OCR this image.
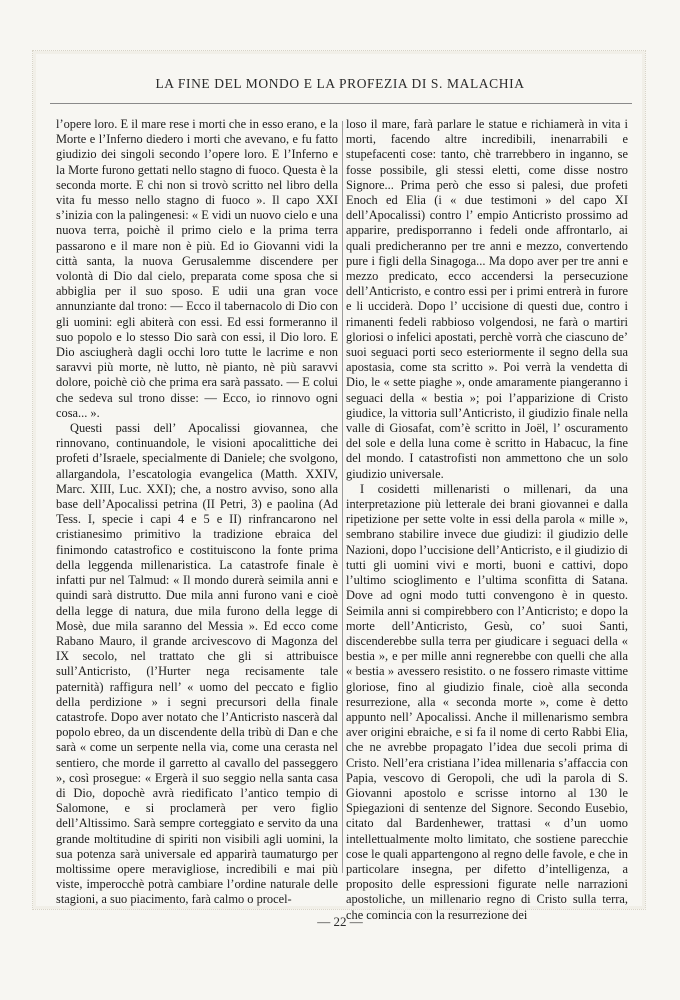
LA FINE DEL MONDO E LA PROFEZIA DI S. MALACHIA

l’opere loro. E il mare rese i morti che in esso erano, e la Morte e l’Inferno diedero i morti che avevano, e fu fatto giudizio dei singoli secondo l’opere loro. E l’Inferno e la Morte furono gettati nello stagno di fuoco. Questa è la seconda morte. E chi non si trovò scritto nel libro della vita fu messo nello stagno di fuoco ». Il capo XXI s’inizia con la palingenesi: « E vidi un nuovo cielo e una nuova terra, poichè il primo cielo e la prima terra passarono e il mare non è più. Ed io Giovanni vidi la città santa, la nuova Gerusalemme discendere per volontà di Dio dal cielo, preparata come sposa che si abbiglia per il suo sposo. E udii una gran voce annunziante dal trono: — Ecco il tabernacolo di Dio con gli uomini: egli abiterà con essi. Ed essi formeranno il suo popolo e lo stesso Dio sarà con essi, il Dio loro. E Dio asciugherà dagli occhi loro tutte le lacrime e non saravvi più morte, nè lutto, nè pianto, nè più saravvi dolore, poichè ciò che prima era sarà passato. — E colui che sedeva sul trono disse: — Ecco, io rinnovo ogni cosa... ».

Questi passi dell’ Apocalissi giovannea, che rinnovano, continuandole, le visioni apocalittiche dei profeti d’Israele, specialmente di Daniele; che svolgono, allargandola, l’escatologia evangelica (Matth. XXIV, Marc. XIII, Luc. XXI); che, a nostro avviso, sono alla base dell’Apocalissi petrina (II Petri, 3) e paolina (Ad Tess. I, specie i capi 4 e 5 e II) rinfrancarono nel cristianesimo primitivo la tradizione ebraica del finimondo catastrofico e costituiscono la fonte prima della leggenda millenaristica. La catastrofe finale è infatti pur nel Talmud: « Il mondo durerà seimila anni e quindi sarà distrutto. Due mila anni furono vani e cioè della legge di natura, due mila furono della legge di Mosè, due mila saranno del Messia ». Ed ecco come Rabano Mauro, il grande arcivescovo di Magonza del IX secolo, nel trattato che gli si attribuisce sull’Anticristo, (l’Hurter nega recisamente tale paternità) raffigura nell’ « uomo del peccato e figlio della perdizione » i segni precursori della finale catastrofe. Dopo aver notato che l’Anticristo nascerà dal popolo ebreo, da un discendente della tribù di Dan e che sarà « come un serpente nella via, come una cerasta nel sentiero, che morde il garretto al cavallo del passeggero », così prosegue: « Ergerà il suo seggio nella santa casa di Dio, dopochè avrà riedificato l’antico tempio di Salomone, e si proclamerà per vero figlio dell’Altissimo. Sarà sempre corteggiato e servito da una grande moltitudine di spiriti non visibili agli uomini, la sua potenza sarà universale ed apparirà taumaturgo per moltissime opere meravigliose, incredibili e mai più viste, imperocchè potrà cambiare l’ordine naturale delle stagioni, a suo piacimento, farà calmo o procel-

loso il mare, farà parlare le statue e richiamerà in vita i morti, facendo altre incredibili, inenarrabili e stupefacenti cose: tanto, chè trarrebbero in inganno, se fosse possibile, gli stessi eletti, come disse nostro Signore... Prima però che esso si palesi, due profeti Enoch ed Elia (i « due testimoni » del capo XI dell’Apocalissi) contro l’ empio Anticristo prossimo ad apparire, predisporranno i fedeli onde affrontarlo, ai quali predicheranno per tre anni e mezzo, convertendo pure i figli della Sinagoga... Ma dopo aver per tre anni e mezzo predicato, ecco accendersi la persecuzione dell’Anticristo, e contro essi per i primi entrerà in furore e li ucciderà. Dopo l’ uccisione di questi due, contro i rimanenti fedeli rabbioso volgendosi, ne farà o martiri gloriosi o infelici apostati, perchè vorrà che ciascuno de’ suoi seguaci porti seco esteriormente il segno della sua apostasia, come sta scritto ». Poi verrà la vendetta di Dio, le « sette piaghe », onde amaramente piangeranno i seguaci della « bestia »; poi l’apparizione di Cristo giudice, la vittoria sull’Anticristo, il giudizio finale nella valle di Giosafat, com’è scritto in Joël, l’ oscuramento del sole e della luna come è scritto in Habacuc, la fine del mondo. I catastrofisti non ammettono che un solo giudizio universale.

I cosidetti millenaristi o millenari, da una interpretazione più letterale dei brani giovannei e dalla ripetizione per sette volte in essi della parola « mille », sembrano stabilire invece due giudizi: il giudizio delle Nazioni, dopo l’uccisione dell’Anticristo, e il giudizio di tutti gli uomini vivi e morti, buoni e cattivi, dopo l’ultimo scioglimento e l’ultima sconfitta di Satana. Dove ad ogni modo tutti convengono è in questo. Seimila anni si compirebbero con l’Anticristo; e dopo la morte dell’Anticristo, Gesù, co’ suoi Santi, discenderebbe sulla terra per giudicare i seguaci della « bestia », e per mille anni regnerebbe con quelli che alla « bestia » avessero resistito. o ne fossero rimaste vittime gloriose, fino al giudizio finale, cioè alla seconda resurrezione, alla « seconda morte », come è detto appunto nell’ Apocalissi. Anche il millenarismo sembra aver origini ebraiche, e si fa il nome di certo Rabbi Elia, che ne avrebbe propagato l’idea due secoli prima di Cristo. Nell’era cristiana l’idea millenaria s’affaccia con Papia, vescovo di Geropoli, che udì la parola di S. Giovanni apostolo e scrisse intorno al 130 le Spiegazioni di sentenze del Signore. Secondo Eusebio, citato dal Bardenhewer, trattasi « d’un uomo intellettualmente molto limitato, che sostiene parecchie cose le quali appartengono al regno delle favole, e che in particolare insegna, per difetto d’intelligenza, a proposito delle espressioni figurate nelle narrazioni apostoliche, un millenario regno di Cristo sulla terra, che comincia con la resurrezione dei

— 22 —
